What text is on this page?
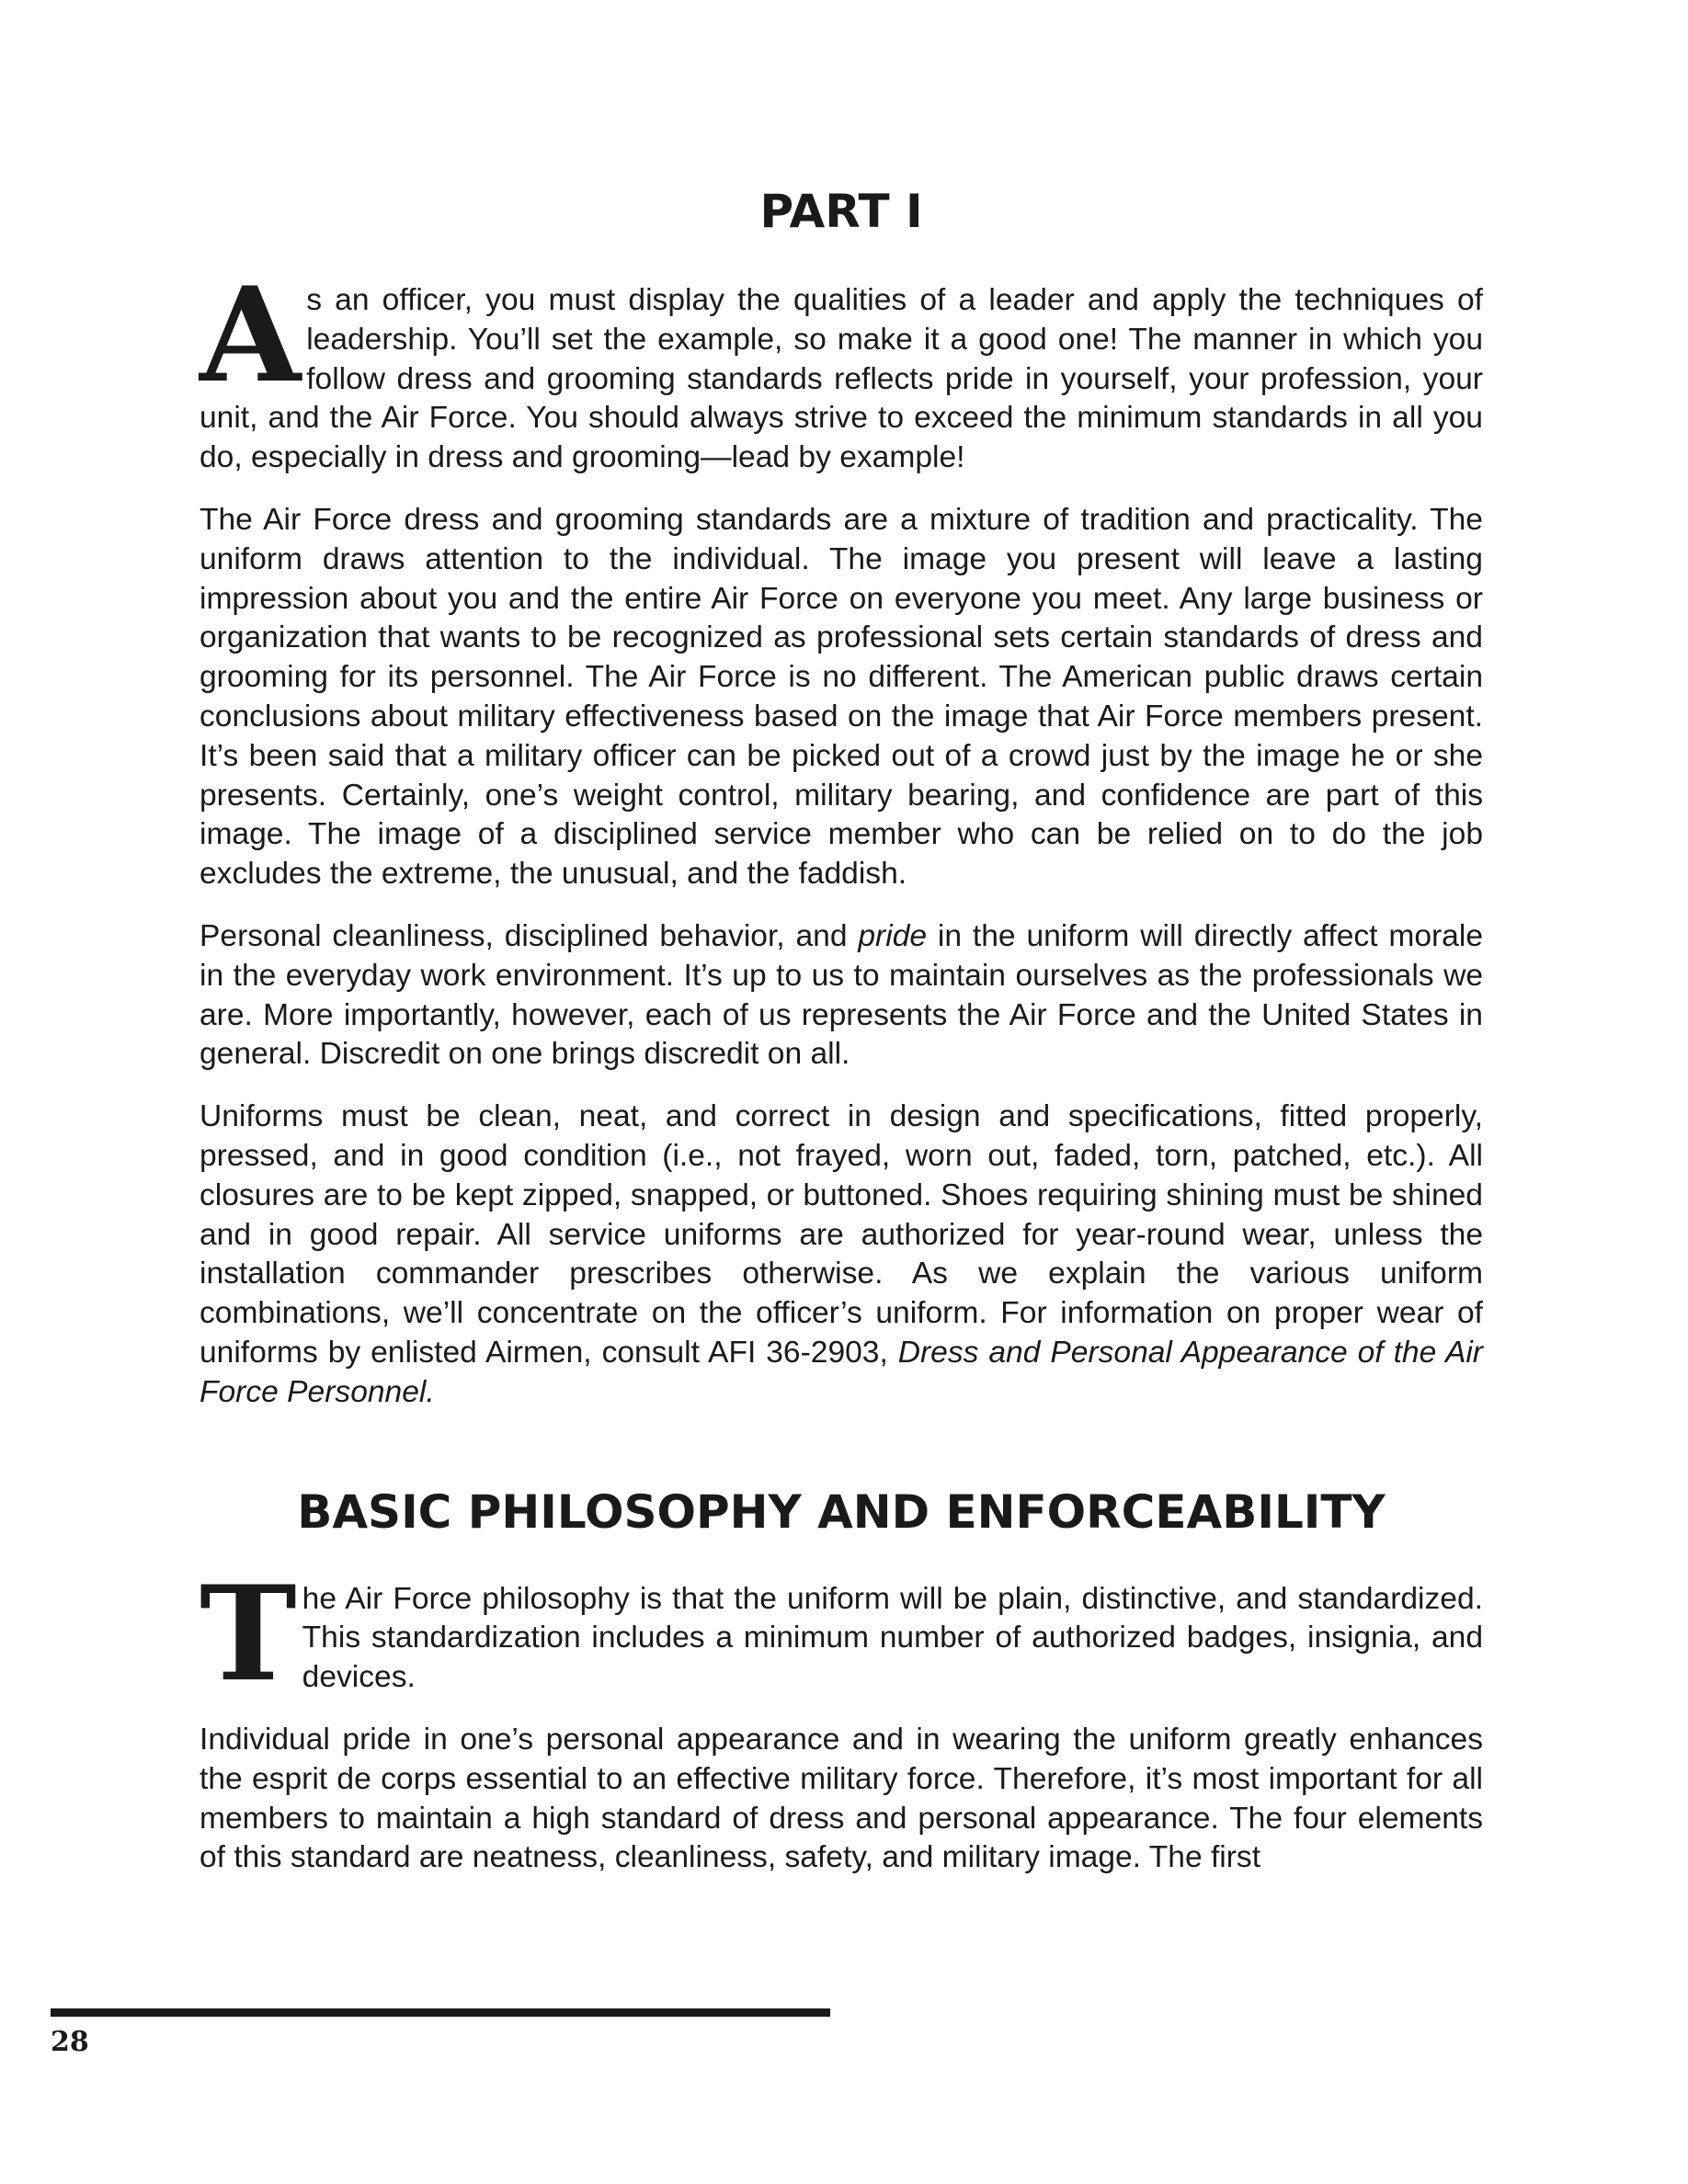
PART I

As an officer, you must display the qualities of a leader and apply the techniques of leadership. You’ll set the example, so make it a good one! The manner in which you follow dress and grooming standards reflects pride in yourself, your profession, your unit, and the Air Force. You should always strive to exceed the minimum standards in all you do, especially in dress and grooming—lead by example!

The Air Force dress and grooming standards are a mixture of tradition and practicality. The uniform draws attention to the individual. The image you present will leave a lasting impression about you and the entire Air Force on everyone you meet. Any large business or organization that wants to be recognized as professional sets certain standards of dress and grooming for its personnel. The Air Force is no different. The American public draws certain conclusions about military effectiveness based on the image that Air Force members present. It’s been said that a military officer can be picked out of a crowd just by the image he or she presents. Certainly, one’s weight control, military bearing, and confidence are part of this image. The image of a disciplined service member who can be relied on to do the job excludes the extreme, the unusual, and the faddish.

Personal cleanliness, disciplined behavior, and pride in the uniform will directly affect morale in the everyday work environment. It’s up to us to maintain ourselves as the professionals we are. More importantly, however, each of us represents the Air Force and the United States in general. Discredit on one brings discredit on all.

Uniforms must be clean, neat, and correct in design and specifications, fitted properly, pressed, and in good condition (i.e., not frayed, worn out, faded, torn, patched, etc.). All closures are to be kept zipped, snapped, or buttoned. Shoes requiring shining must be shined and in good repair. All service uniforms are authorized for year-round wear, unless the installation commander prescribes otherwise. As we explain the various uniform combinations, we’ll concentrate on the officer’s uniform. For information on proper wear of uniforms by enlisted Airmen, consult AFI 36-2903, Dress and Personal Appearance of the Air Force Personnel.

BASIC PHILOSOPHY AND ENFORCEABILITY

The Air Force philosophy is that the uniform will be plain, distinctive, and standardized. This standardization includes a minimum number of authorized badges, insignia, and devices.

Individual pride in one’s personal appearance and in wearing the uniform greatly enhances the esprit de corps essential to an effective military force. Therefore, it’s most important for all members to maintain a high standard of dress and personal appearance. The four elements of this standard are neatness, cleanliness, safety, and military image. The first

28
